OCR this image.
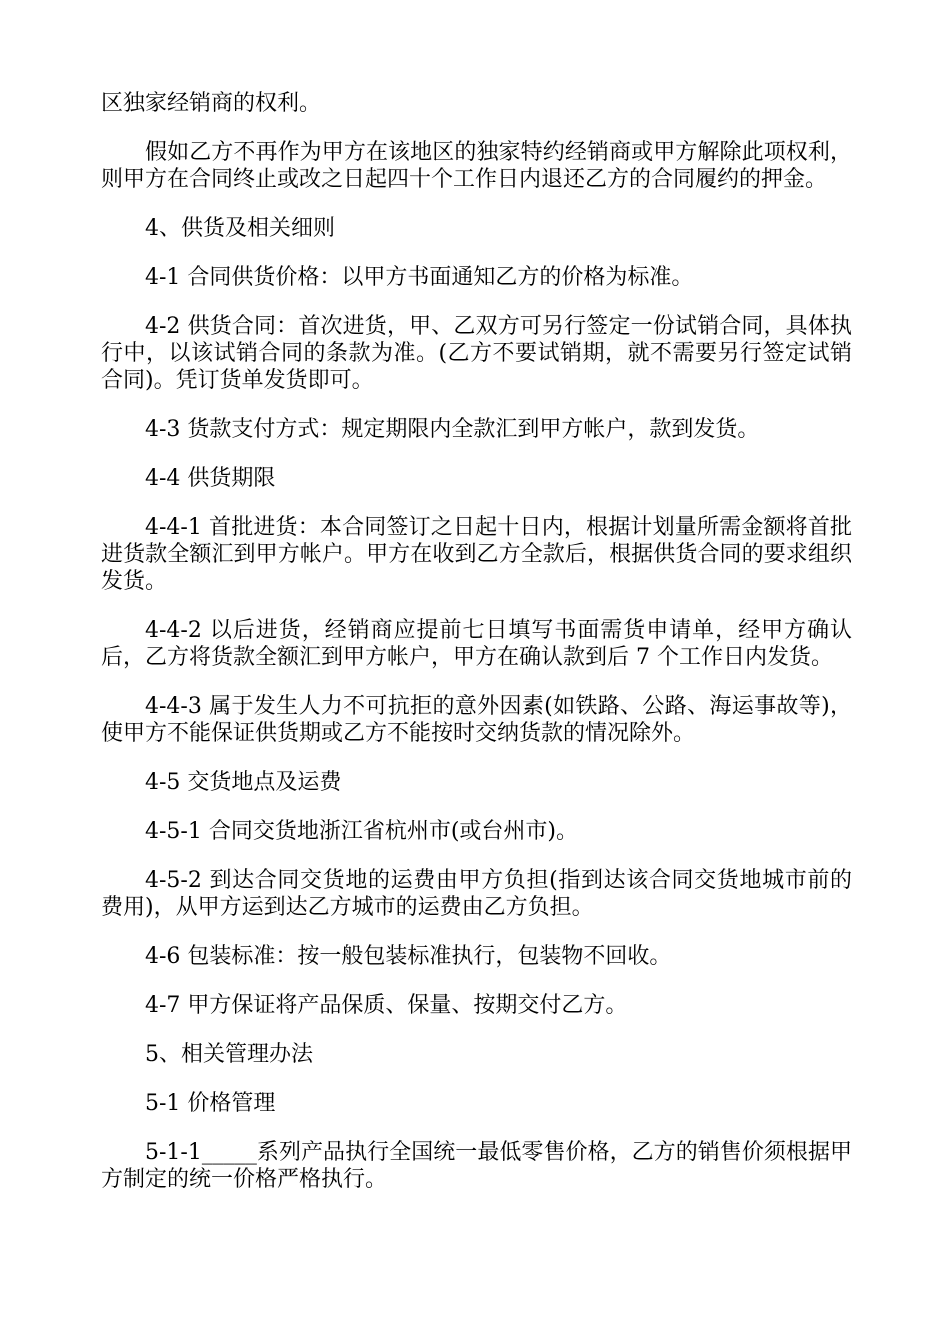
区独家经销商的权利。

假如乙方不再作为甲方在该地区的独家特约经销商或甲方解除此项权利，则甲方在合同终止或改之日起四十个工作日内退还乙方的合同履约的押金。

4、供货及相关细则

4-1 合同供货价格：以甲方书面通知乙方的价格为标准。

4-2 供货合同：首次进货，甲、乙双方可另行签定一份试销合同，具体执行中，以该试销合同的条款为准。(乙方不要试销期，就不需要另行签定试销合同)。凭订货单发货即可。

4-3 货款支付方式：规定期限内全款汇到甲方帐户，款到发货。

4-4 供货期限

4-4-1 首批进货：本合同签订之日起十日内，根据计划量所需金额将首批进货款全额汇到甲方帐户。甲方在收到乙方全款后，根据供货合同的要求组织发货。

4-4-2 以后进货，经销商应提前七日填写书面需货申请单，经甲方确认后，乙方将货款全额汇到甲方帐户，甲方在确认款到后 7 个工作日内发货。

4-4-3 属于发生人力不可抗拒的意外因素(如铁路、公路、海运事故等)，使甲方不能保证供货期或乙方不能按时交纳货款的情况除外。

4-5 交货地点及运费

4-5-1 合同交货地浙江省杭州市(或台州市)。

4-5-2 到达合同交货地的运费由甲方负担(指到达该合同交货地城市前的费用)，从甲方运到达乙方城市的运费由乙方负担。

4-6 包装标准：按一般包装标准执行，包装物不回收。

4-7 甲方保证将产品保质、保量、按期交付乙方。

5、相关管理办法

5-1 价格管理

5-1-1_____系列产品执行全国统一最低零售价格，乙方的销售价须根据甲方制定的统一价格严格执行。
